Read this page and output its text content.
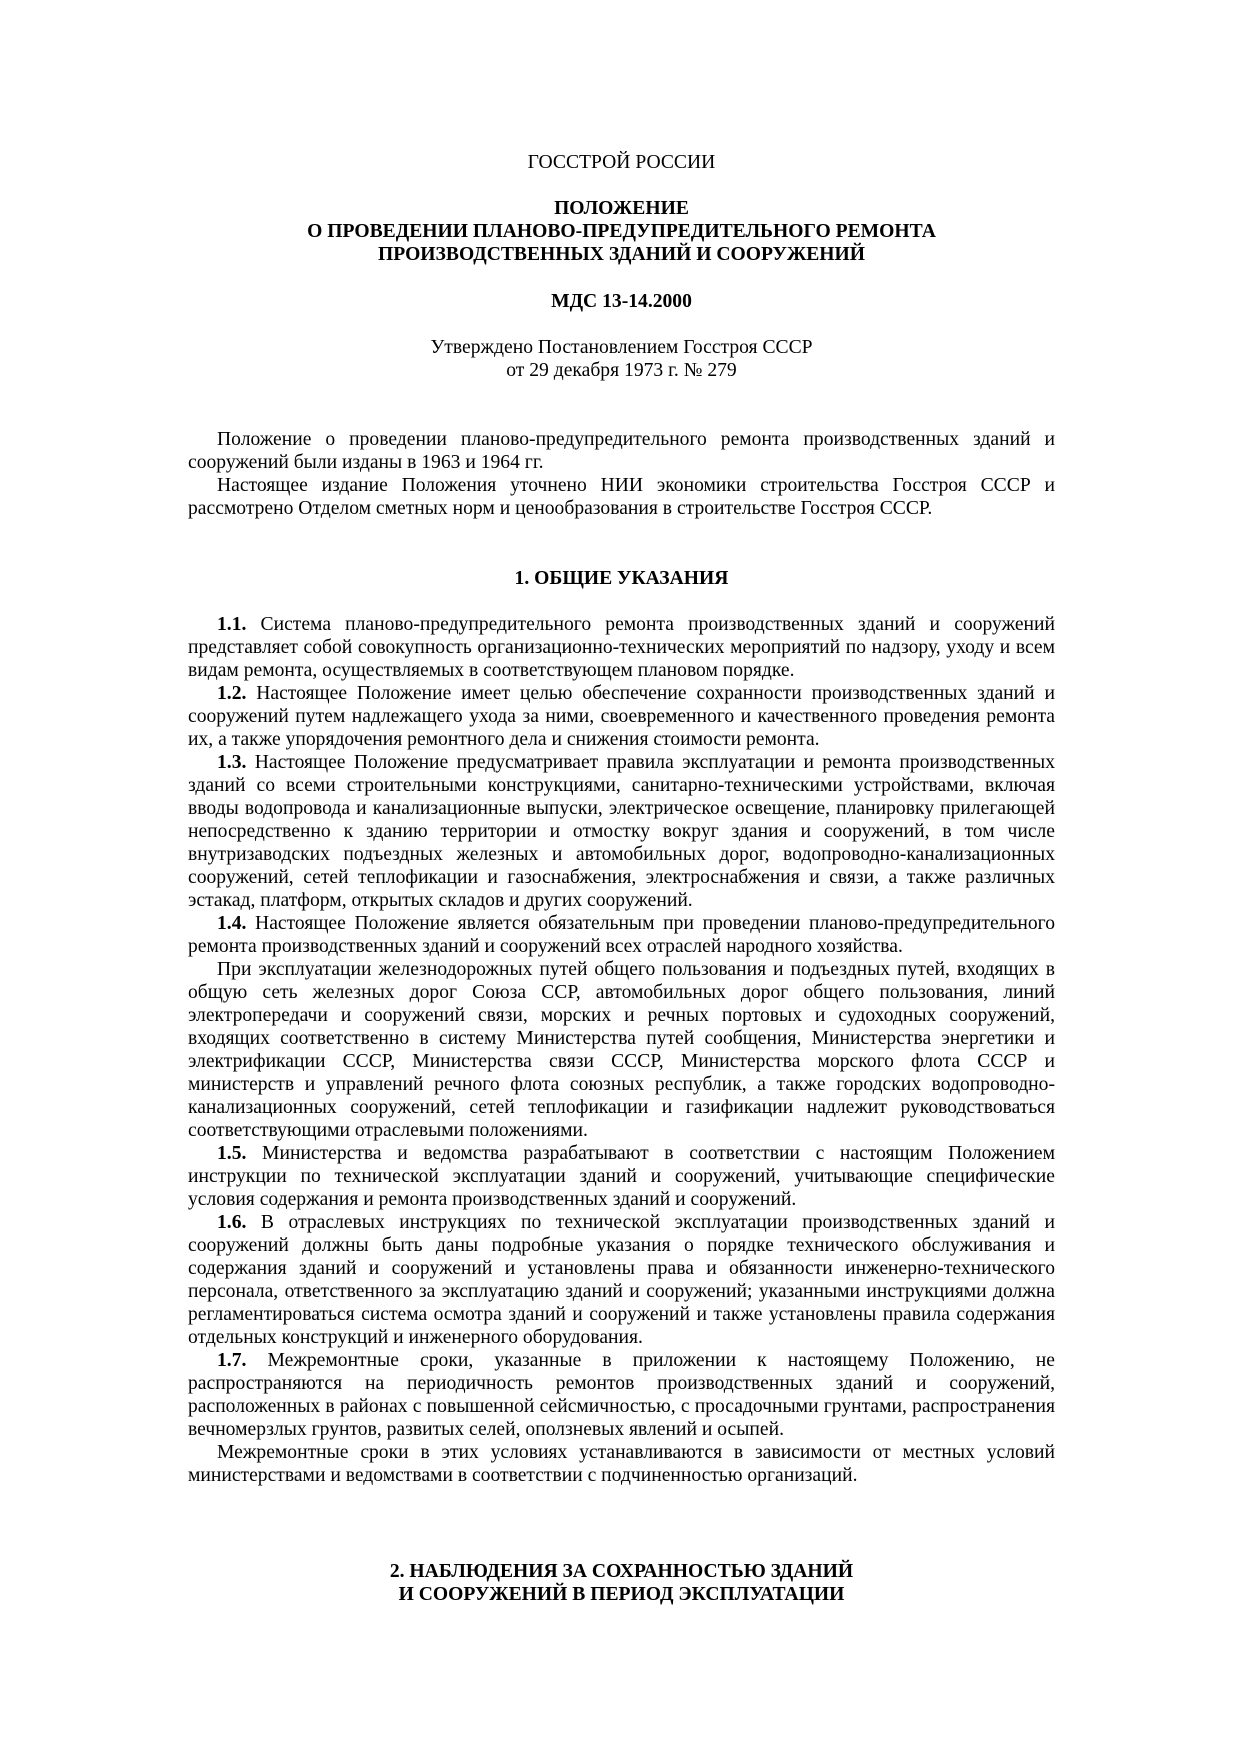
ГОССТРОЙ РОССИИ
ПОЛОЖЕНИЕ
О ПРОВЕДЕНИИ ПЛАНОВО-ПРЕДУПРЕДИТЕЛЬНОГО РЕМОНТА
ПРОИЗВОДСТВЕННЫХ ЗДАНИЙ И СООРУЖЕНИЙ
МДС 13-14.2000
Утверждено Постановлением Госстроя СССР
от 29 декабря 1973 г. № 279

Положение о проведении планово-предупредительного ремонта производственных зданий и сооружений были изданы в 1963 и 1964 гг.

Настоящее издание Положения уточнено НИИ экономики строительства Госстроя СССР и рассмотрено Отделом сметных норм и ценообразования в строительстве Госстроя СССР.

1. ОБЩИЕ УКАЗАНИЯ

1.1. Система планово-предупредительного ремонта производственных зданий и сооружений представляет собой совокупность организационно-технических мероприятий по надзору, уходу и всем видам ремонта, осуществляемых в соответствующем плановом порядке.

1.2. Настоящее Положение имеет целью обеспечение сохранности производственных зданий и сооружений путем надлежащего ухода за ними, своевременного и качественного проведения ремонта их, а также упорядочения ремонтного дела и снижения стоимости ремонта.

1.3. Настоящее Положение предусматривает правила эксплуатации и ремонта производственных зданий со всеми строительными конструкциями, санитарно-техническими устройствами, включая вводы водопровода и канализационные выпуски, электрическое освещение, планировку прилегающей непосредственно к зданию территории и отмостку вокруг здания и сооружений, в том числе внутризаводских подъездных железных и автомобильных дорог, водопроводно-канализационных сооружений, сетей теплофикации и газоснабжения, электроснабжения и связи, а также различных эстакад, платформ, открытых складов и других сооружений.

1.4. Настоящее Положение является обязательным при проведении планово-предупредительного ремонта производственных зданий и сооружений всех отраслей народного хозяйства.

При эксплуатации железнодорожных путей общего пользования и подъездных путей, входящих в общую сеть железных дорог Союза ССР, автомобильных дорог общего пользования, линий электропередачи и сооружений связи, морских и речных портовых и судоходных сооружений, входящих соответственно в систему Министерства путей сообщения, Министерства энергетики и электрификации СССР, Министерства связи СССР, Министерства морского флота СССР и министерств и управлений речного флота союзных республик, а также городских водопроводно-канализационных сооружений, сетей теплофикации и газификации надлежит руководствоваться соответствующими отраслевыми положениями.

1.5. Министерства и ведомства разрабатывают в соответствии с настоящим Положением инструкции по технической эксплуатации зданий и сооружений, учитывающие специфические условия содержания и ремонта производственных зданий и сооружений.

1.6. В отраслевых инструкциях по технической эксплуатации производственных зданий и сооружений должны быть даны подробные указания о порядке технического обслуживания и содержания зданий и сооружений и установлены права и обязанности инженерно-технического персонала, ответственного за эксплуатацию зданий и сооружений; указанными инструкциями должна регламентироваться система осмотра зданий и сооружений и также установлены правила содержания отдельных конструкций и инженерного оборудования.

1.7. Межремонтные сроки, указанные в приложении к настоящему Положению, не распространяются на периодичность ремонтов производственных зданий и сооружений, расположенных в районах с повышенной сейсмичностью, с просадочными грунтами, распространения вечномерзлых грунтов, развитых селей, оползневых явлений и осыпей.

Межремонтные сроки в этих условиях устанавливаются в зависимости от местных условий министерствами и ведомствами в соответствии с подчиненностью организаций.

2. НАБЛЮДЕНИЯ ЗА СОХРАННОСТЬЮ ЗДАНИЙ
И СООРУЖЕНИЙ В ПЕРИОД ЭКСПЛУАТАЦИИ
